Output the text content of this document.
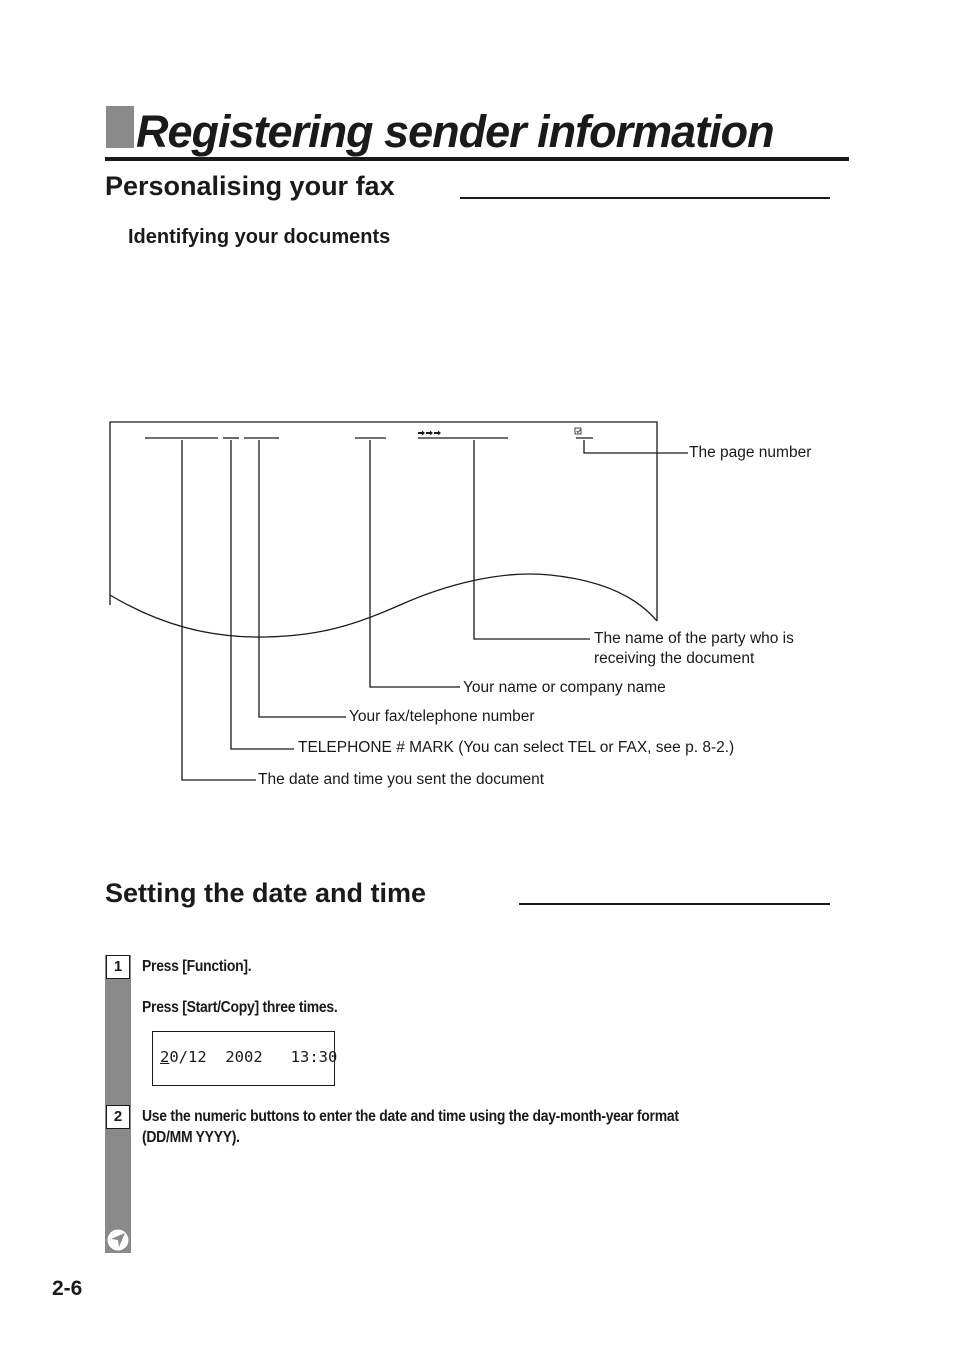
Registering sender information
Personalising your fax
Identifying your documents
The page number
The name of the party who is
receiving the document
Your name or company name
Your fax/telephone number
TELEPHONE # MARK (You can select TEL or FAX, see p. 8-2.)
The date and time you sent the document
Setting the date and time
1	Press [Function].
Press [Start/Copy] three times.
20/12  2002   13:30
2	Use the numeric buttons to enter the date and time using the day-month-year format
(DD/MM YYYY).
2-6
